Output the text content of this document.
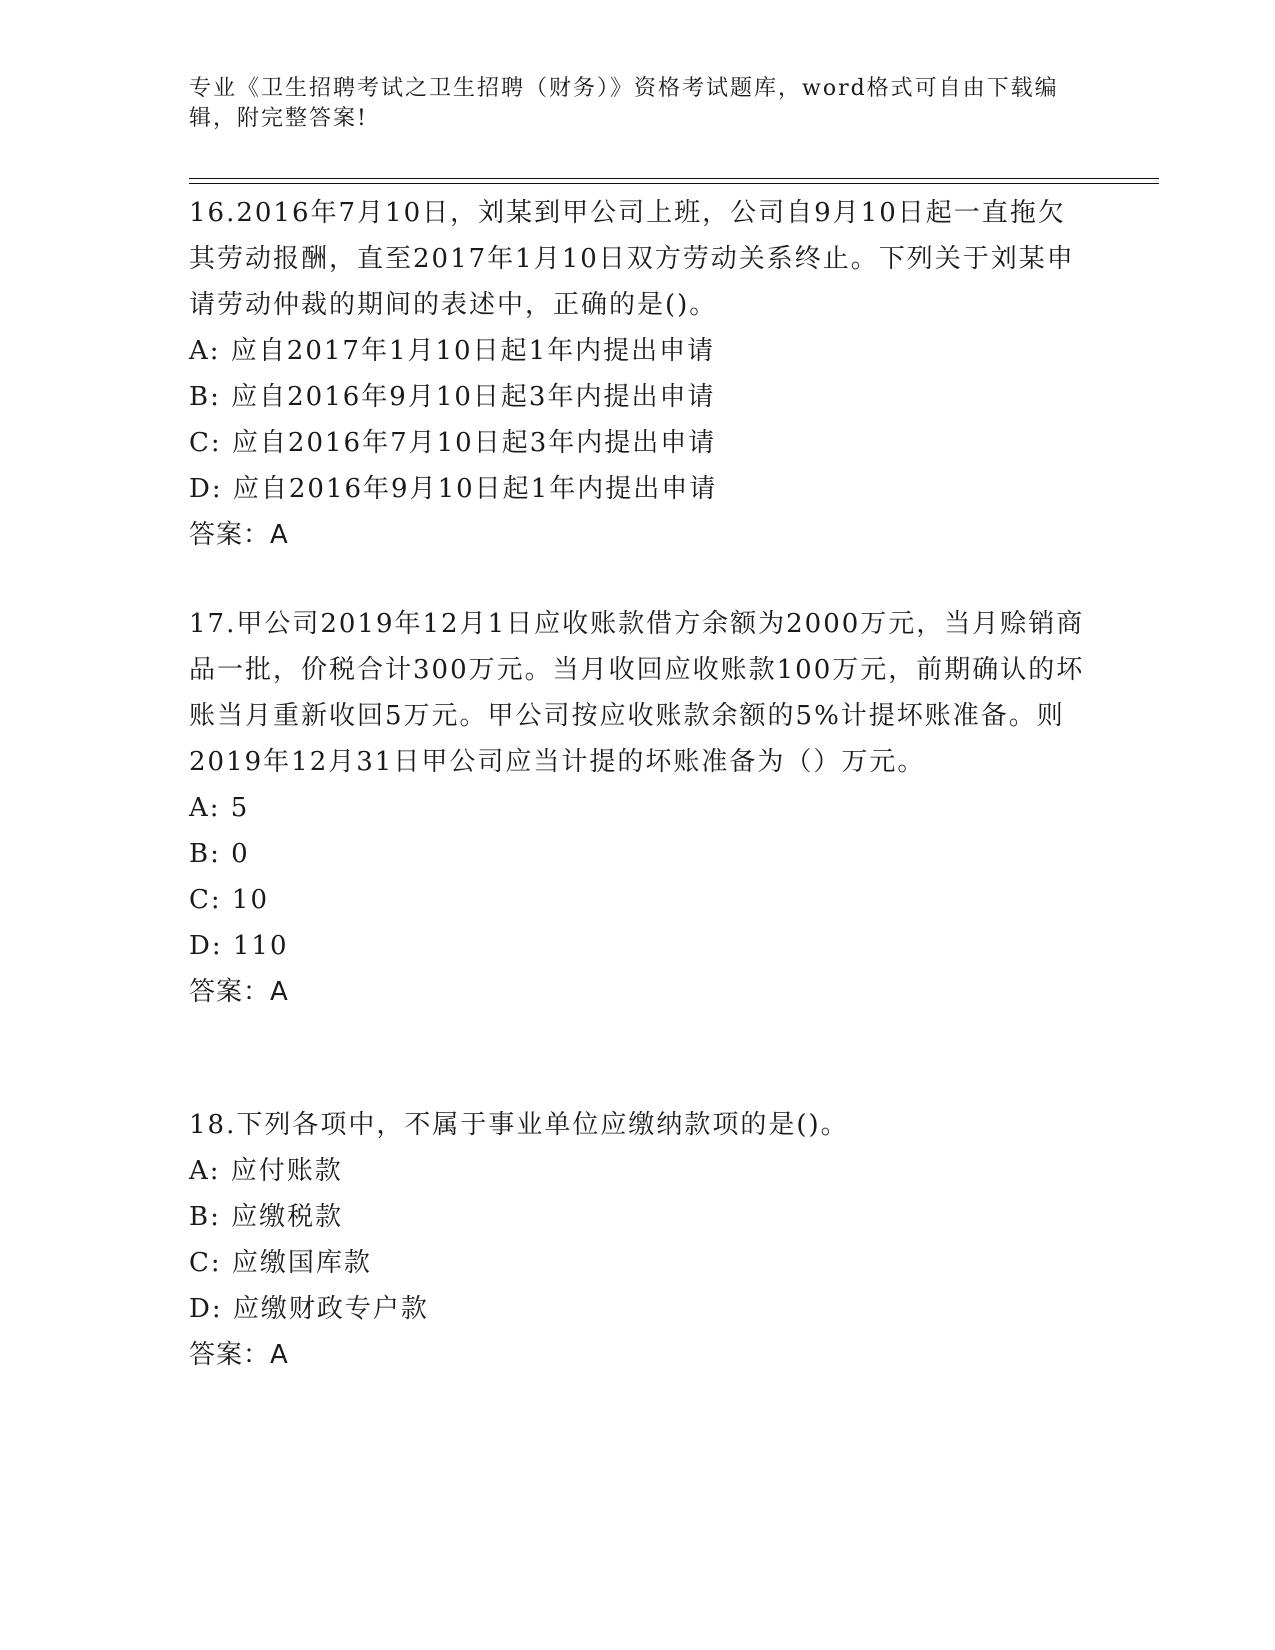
专业《卫生招聘考试之卫生招聘（财务）》资格考试题库，word格式可自由下载编辑，附完整答案!
16.2016年7月10日，刘某到甲公司上班，公司自9月10日起一直拖欠其劳动报酬，直至2017年1月10日双方劳动关系终止。下列关于刘某申请劳动仲裁的期间的表述中，正确的是()。
A: 应自2017年1月10日起1年内提出申请
B: 应自2016年9月10日起3年内提出申请
C: 应自2016年7月10日起3年内提出申请
D: 应自2016年9月10日起1年内提出申请
答案：A
17.甲公司2019年12月1日应收账款借方余额为2000万元，当月赊销商品一批，价税合计300万元。当月收回应收账款100万元，前期确认的坏账当月重新收回5万元。甲公司按应收账款余额的5%计提坏账准备。则2019年12月31日甲公司应当计提的坏账准备为（）万元。
A: 5
B: 0
C: 10
D: 110
答案：A
18.下列各项中，不属于事业单位应缴纳款项的是()。
A: 应付账款
B: 应缴税款
C: 应缴国库款
D: 应缴财政专户款
答案：A
